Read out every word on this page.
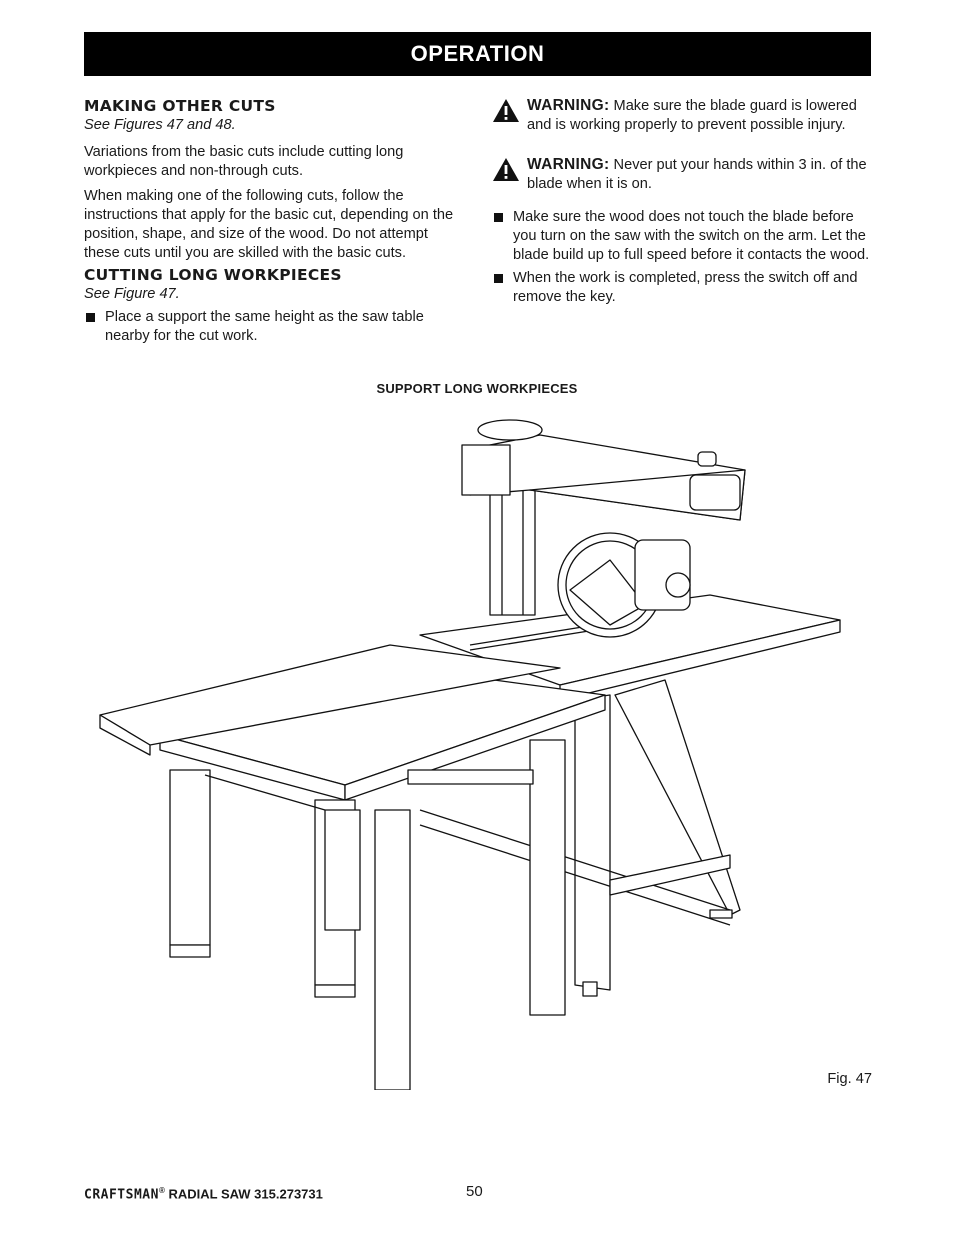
OPERATION
MAKING OTHER CUTS
See Figures 47 and 48.

Variations from the basic cuts include cutting long workpieces and non-through cuts.

When making one of the following cuts, follow the instructions that apply for the basic cut, depending on the position, shape, and size of the wood. Do not attempt these cuts until you are skilled with the basic cuts.

CUTTING LONG WORKPIECES
See Figure 47.
Place a support the same height as the saw table nearby for the cut work.
WARNING: Make sure the blade guard is lowered and is working properly to prevent possible injury.
WARNING: Never put your hands within 3 in. of the blade when it is on.
Make sure the wood does not touch the blade before you turn on the saw with the switch on the arm. Let the blade build up to full speed before it contacts the wood.
When the work is completed, press the switch off and remove the key.
SUPPORT LONG WORKPIECES
Fig. 47
CRAFTSMAN® RADIAL SAW 315.273731	50
